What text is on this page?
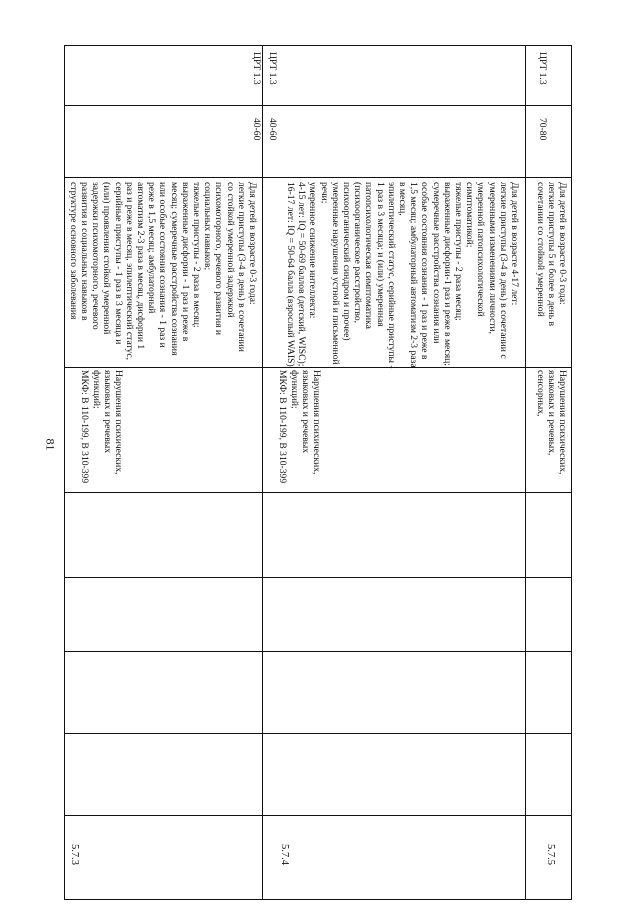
81
ЦРТ 1.3
40-60
Для детей в возрасте 0-3 года:
легкие приступы (3-4 в день) в сочетании со стойкой умеренной задержкой психомоторного, речевого развития и социальных навыков;
тяжелые приступы - 2 раза в месяц;
выраженные дисфории - 1 раз и реже в месяц; сумеречные расстройства сознания или особые состояния сознания - 1 раз и реже в 1,5 месяц; амбулаторный автоматизм 2-3 раза в месяц, дисфории 1 раз и реже в месяц, эпилептический статус, серийные приступы - 1 раз в 3 месяца и (или) проявления стойкой умеренной задержки психомоторного, речевого развития и социальных навыков в структуре основного заболевания
Нарушения психических, языковых и речевых функций;
МКФ: В 110-199, В 310-399
5.7.3
ЦРТ 1.3
40-60
Для детей в возрасте 4-17 лет:
легкие приступы (3-4 в день) в сочетании с умеренными изменениями личности, умеренной патопсихологической симптоматикой;
тяжелые приступы - 2 раза месяц;
выраженные дисфории-1 раз и реже в месяц; сумеречные расстройства сознания или особые состояния сознания - 1 раз и реже в 1,5 месяц; амбулаторный автоматизм 2-3 раза в месяц,
эпилептический статус, серийные приступы - 1 раз в 3 месяца; и (или) умеренная патопсихологическая симптоматика (психоорганическое расстройство, психоорганический синдром и прочее) умеренные нарушения устной и письменной речи;
умеренное снижение интеллекта:
4-15 лет: IQ = 50-69 баллов (детский, WISC);
16-17 лет: IQ = 50-64 балла (взрослый WAIS)
Нарушения психических, языковых и речевых функций;
МКФ: В 110-199, В 310-399
5.7.4
ЦРТ 1.3
70-80
Для детей в возрасте 0-3 года:
легкие приступы 5 и более в день в сочетании со стойкой умеренной
Нарушения психических, языковых и речевых, сенсорных,
5.7.5
